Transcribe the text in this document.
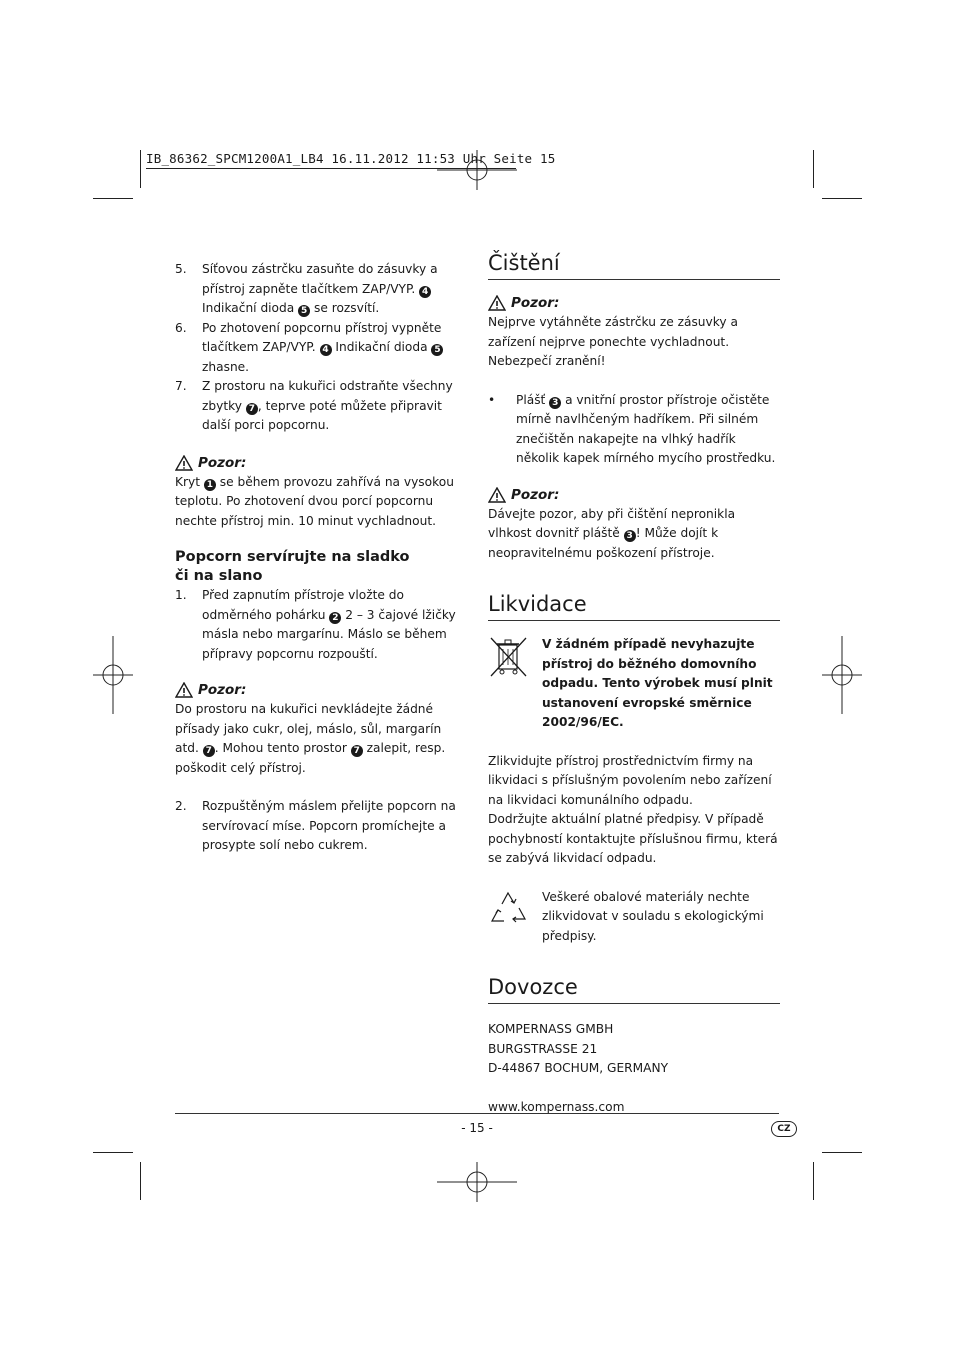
IB_86362_SPCM1200A1_LB4 16.11.2012 11:53 Uhr Seite 15
5.	Síťovou zástrčku zasuňte do zásuvky a přístroj zapněte tlačítkem ZAP/VYP. 4 Indikační dioda 5 se rozsvítí.
6.	Po zhotovení popcornu přístroj vypněte tlačítkem ZAP/VYP. 4 Indikační dioda 5 zhasne.
7.	Z prostoru na kukuřici odstraňte všechny zbytky 7 , teprve poté můžete připravit další porci popcornu.
Pozor:

Kryt 1 se během provozu zahřívá na vysokou teplotu. Po zhotovení dvou porcí popcornu nechte přístroj min. 10 minut vychladnout.

Popcorn servírujte na sladko
či na slano
1.	Před zapnutím přístroje vložte do odměrného pohárku 2 2 – 3 čajové lžičky másla nebo margarínu. Máslo se během přípravy popcornu rozpouští.
Pozor:

Do prostoru na kukuřici nevkládejte žádné přísady jako cukr, olej, máslo, sůl, margarín atd. 7 . Mohou tento prostor 7 zalepit, resp. poškodit celý přístroj.

2.	Rozpuštěným máslem přelijte popcorn na servírovací míse. Popcorn promíchejte a prosypte solí nebo cukrem.
Čištění
Pozor:

Nejprve vytáhněte zástrčku ze zásuvky a zařízení nejprve ponechte vychladnout. Nebezpečí zranění!

•	Plášť 3 a vnitřní prostor přístroje očistěte mírně navlhčeným hadříkem. Při silném znečištěn nakapejte na vlhký hadřík několik kapek mírného mycího prostředku.
Pozor:

Dávejte pozor, aby při čištění nepronikla vlhkost dovnitř pláště 3 ! Může dojít k neopravitelnému poškození přístroje.

Likvidace

V žádném případě nevyhazujte přístroj do běžného domovního odpadu. Tento výrobek musí plnit ustanovení evropské směrnice 2002/96/EC.

Zlikvidujte přístroj prostřednictvím firmy na likvidaci s příslušným povolením nebo zařízení na likvidaci komunálního odpadu.

Dodržujte aktuální platné předpisy. V případě pochybností kontaktujte příslušnou firmu, která se zabývá likvidací odpadu.

Veškeré obalové materiály nechte zlikvidovat v souladu s ekologickými předpisy.

Dovozce

KOMPERNASS GMBH

BURGSTRASSE 21

D-44867 BOCHUM, GERMANY

www.kompernass.com

- 15 -	CZ
